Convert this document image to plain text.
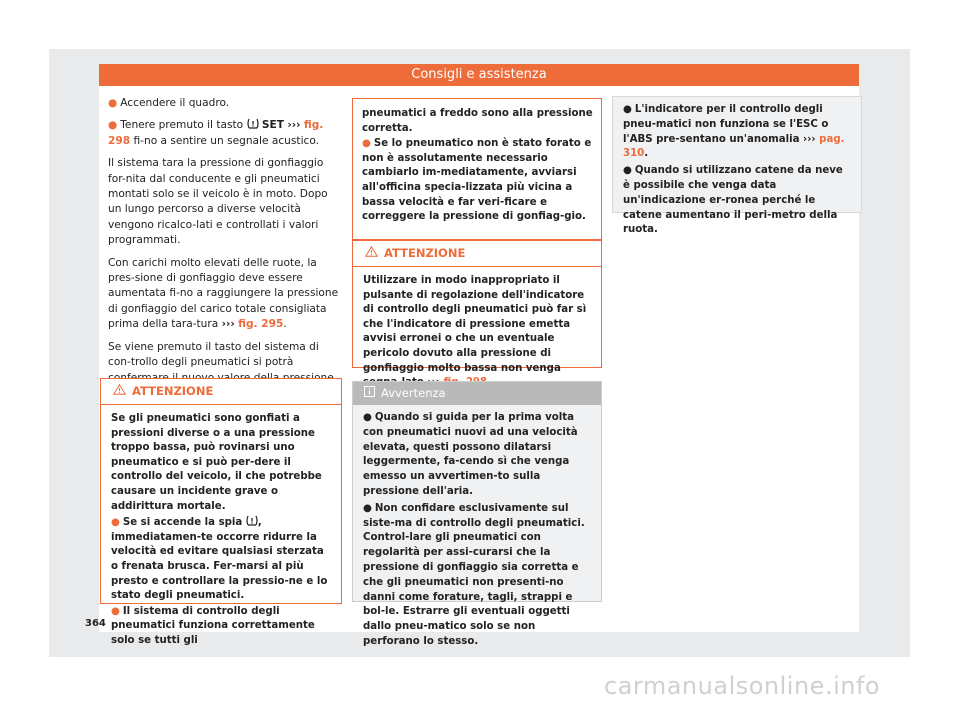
Consigli e assistenza

● Accendere il quadro.

● Tenere premuto il tasto SET ››› fig. 298 fi-no a sentire un segnale acustico.

Il sistema tara la pressione di gonfiaggio for-nita dal conducente e gli pneumatici montati solo se il veicolo è in moto. Dopo un lungo percorso a diverse velocità vengono ricalco-lati e controllati i valori programmati.

Con carichi molto elevati delle ruote, la pres-sione di gonfiaggio deve essere aumentata fi-no a raggiungere la pressione di gonfiaggio del carico totale consigliata prima della tara-tura ››› fig. 295.

Se viene premuto il tasto del sistema di con-trollo degli pneumatici si potrà

ATTENZIONE

Se gli pneumatici sono gonfiati a pressioni diverse o a una pressione troppo bassa, può rovinarsi uno pneumatico e si può per-dere il controllo del veicolo, il che potrebbe causare un incidente grave o addirittura mortale.

● Se si accende la spia , immediatamen-te occorre ridurre la velocità ed evitare qualsiasi sterzata o frenata brusca. Fer-marsi al più presto e controllare la pressio-ne e lo stato degli pneumatici.

● Il sistema di controllo degli pneumatici funziona correttamente solo se tutti gli

pneumatici a freddo sono alla pressione corretta.

● Se lo pneumatico non è stato forato e non è assolutamente necessario cambiarlo im-mediatamente, avviarsi all'officina specia-lizzata più vicina a bassa velocità e far veri-ficare e correggere la pressione di gonfiag-gio.

ATTENZIONE

Utilizzare in modo inappropriato il pulsante di regolazione dell'indicatore di controllo degli pneumatici può far sì che l'indicatore di pressione emetta avvisi erronei o che un eventuale pericolo dovuto alla pressione di gonfiaggio molto bassa non venga

Avvertenza

● Quando si guida per la prima volta con pneumatici nuovi ad una velocità elevata, questi possono dilatarsi leggermente, fa-cendo sì che venga emesso un avvertimen-to sulla pressione dell'aria.

● Non confidare esclusivamente sul siste-ma di controllo degli pneumatici. Control-lare gli pneumatici con regolarità per assi-curarsi che la pressione di gonfiaggio sia corretta e che gli pneumatici non presenti-no danni come forature, tagli, strappi e bol-le. Estrarre gli eventuali oggetti dallo pneu-matico solo se non perforano lo stesso.

● L'indicatore per il controllo degli pneu-matici non funziona se l'ESC o l'ABS pre-sentano un'anomalia ››› pag. 310.

● Quando si utilizzano catene da neve è possibile che venga data un'indicazione er-ronea perché le catene aumentano il peri-metro della ruota.

364
carmanualsonline.info
